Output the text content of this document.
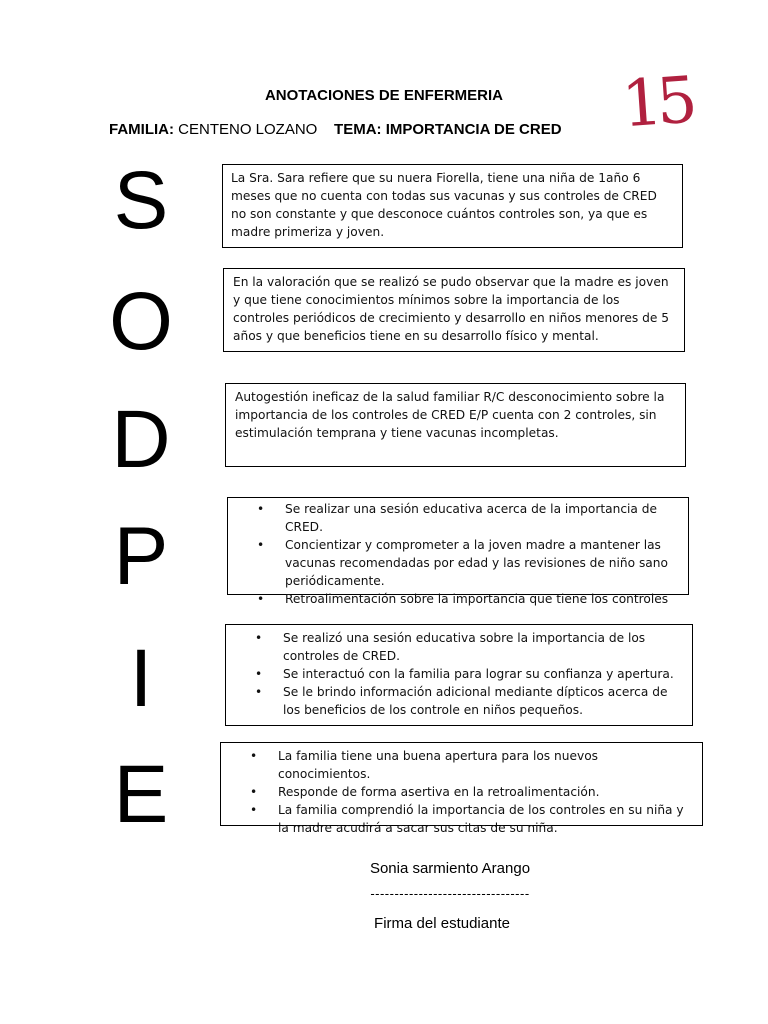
ANOTACIONES DE ENFERMERIA	15
FAMILIA: CENTENO LOZANO TEMA: IMPORTANCIA DE CRED
S
O
D
P
I
E

La Sra. Sara refiere que su nuera Fiorella, tiene una niña de 1año 6 meses que no cuenta con todas sus vacunas y sus controles de CRED no son constante y que desconoce cuántos controles son, ya que es madre primeriza y joven.

En la valoración que se realizó se pudo observar que la madre es joven y que tiene conocimientos mínimos sobre la importancia de los controles periódicos de crecimiento y desarrollo en niños menores de 5 años y que beneficios tiene en su desarrollo físico y mental.

Autogestión ineficaz de la salud familiar R/C desconocimiento sobre la importancia de los controles de CRED E/P cuenta con 2 controles, sin estimulación temprana y tiene vacunas incompletas.

• Se realizar una sesión educativa acerca de la importancia de CRED.
• Concientizar y comprometer a la joven madre a mantener las vacunas recomendadas por edad y las revisiones de niño sano periódicamente.
• Retroalimentación sobre la importancia que tiene los controles
• Se realizó una sesión educativa sobre la importancia de los controles de CRED.
• Se interactuó con la familia para lograr su confianza y apertura.
• Se le brindo información adicional mediante dípticos acerca de los beneficios de los controle en niños pequeños.
• La familia tiene una buena apertura para los nuevos conocimientos.
• Responde de forma asertiva en la retroalimentación.
• La familia comprendió la importancia de los controles en su niña y la madre acudirá a sacar sus citas de su niña.
Sonia sarmiento Arango
---------------------------------
Firma del estudiante
